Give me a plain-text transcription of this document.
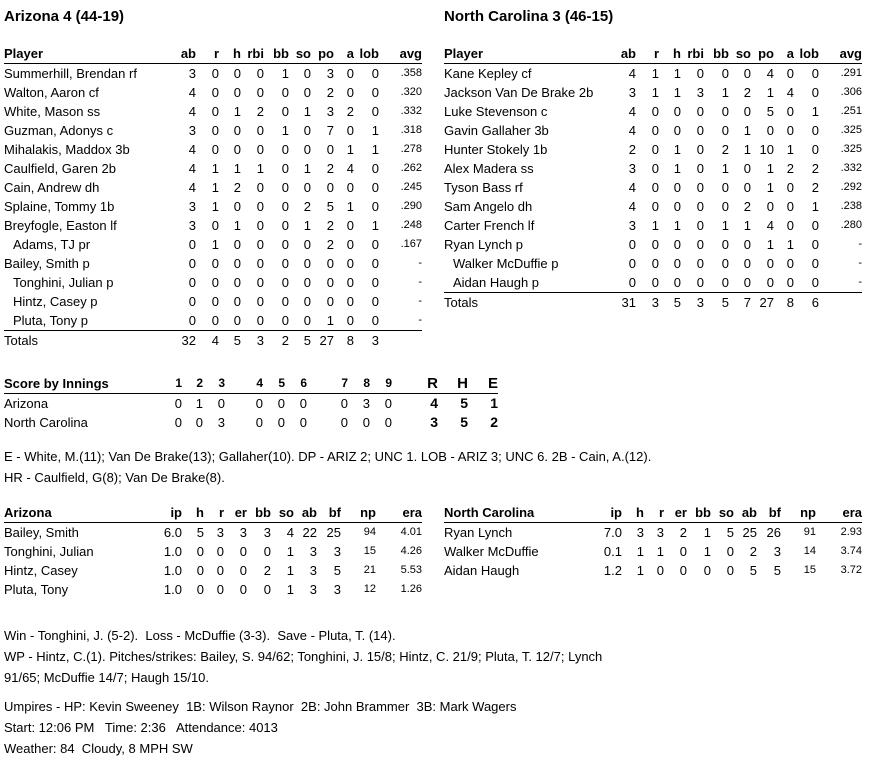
Arizona 4 (44-19)
Player	ab	r	h	rbi	bb	so	po	a	lob	avg
Summerhill, Brendan rf	3	0	0	0	1	0	3	0	0	.358
Walton, Aaron cf	4	0	0	0	0	0	2	0	0	.320
White, Mason ss	4	0	1	2	0	1	3	2	0	.332
Guzman, Adonys c	3	0	0	0	1	0	7	0	1	.318
Mihalakis, Maddox 3b	4	0	0	0	0	0	0	1	1	.278
Caulfield, Garen 2b	4	1	1	1	0	1	2	4	0	.262
Cain, Andrew dh	4	1	2	0	0	0	0	0	0	.245
Splaine, Tommy 1b	3	1	0	0	0	2	5	1	0	.290
Breyfogle, Easton lf	3	0	1	0	0	1	2	0	1	.248
Adams, TJ pr	0	1	0	0	0	0	2	0	0	.167
Bailey, Smith p	0	0	0	0	0	0	0	0	0	-
Tonghini, Julian p	0	0	0	0	0	0	0	0	0	-
Hintz, Casey p	0	0	0	0	0	0	0	0	0	-
Pluta, Tony p	0	0	0	0	0	0	1	0	0	-
Totals	32	4	5	3	2	5	27	8	3	
North Carolina 3 (46-15)
Player	ab	r	h	rbi	bb	so	po	a	lob	avg
Kane Kepley cf	4	1	1	0	0	0	4	0	0	.291
Jackson Van De Brake 2b	3	1	1	3	1	2	1	4	0	.306
Luke Stevenson c	4	0	0	0	0	0	5	0	1	.251
Gavin Gallaher 3b	4	0	0	0	0	1	0	0	0	.325
Hunter Stokely 1b	2	0	1	0	2	1	10	1	0	.325
Alex Madera ss	3	0	1	0	1	0	1	2	2	.332
Tyson Bass rf	4	0	0	0	0	0	1	0	2	.292
Sam Angelo dh	4	0	0	0	0	2	0	0	1	.238
Carter French lf	3	1	1	0	1	1	4	0	0	.280
Ryan Lynch p	0	0	0	0	0	0	1	1	0	-
Walker McDuffie p	0	0	0	0	0	0	0	0	0	-
Aidan Haugh p	0	0	0	0	0	0	0	0	0	-
Totals	31	3	5	3	5	7	27	8	6	
Score by Innings	1	2	3		4	5	6		7	8	9		R	H	E
Arizona	0	1	0		0	0	0		0	3	0		4	5	1
North Carolina	0	0	3		0	0	0		0	0	0		3	5	2

E - White, M.(11); Van De Brake(13); Gallaher(10). DP - ARIZ 2; UNC 1. LOB - ARIZ 3; UNC 6. 2B - Cain, A.(12).

HR - Caulfield, G(8); Van De Brake(8).

Arizona	ip	h	r	er	bb	so	ab	bf	np	era
Bailey, Smith	6.0	5	3	3	3	4	22	25	94	4.01
Tonghini, Julian	1.0	0	0	0	0	1	3	3	15	4.26
Hintz, Casey	1.0	0	0	0	2	1	3	5	21	5.53
Pluta, Tony	1.0	0	0	0	0	1	3	3	12	1.26
North Carolina	ip	h	r	er	bb	so	ab	bf	np	era
Ryan Lynch	7.0	3	3	2	1	5	25	26	91	2.93
Walker McDuffie	0.1	1	1	0	1	0	2	3	14	3.74
Aidan Haugh	1.2	1	0	0	0	0	5	5	15	3.72

Win - Tonghini, J. (5-2).  Loss - McDuffie (3-3).  Save - Pluta, T. (14).

WP - Hintz, C.(1). Pitches/strikes: Bailey, S. 94/62; Tonghini, J. 15/8; Hintz, C. 21/9; Pluta, T. 12/7; Lynch

91/65; McDuffie 14/7; Haugh 15/10.

Umpires - HP: Kevin Sweeney  1B: Wilson Raynor  2B: John Brammer  3B: Mark Wagers

Start: 12:06 PM   Time: 2:36   Attendance: 4013

Weather: 84  Cloudy, 8 MPH SW
